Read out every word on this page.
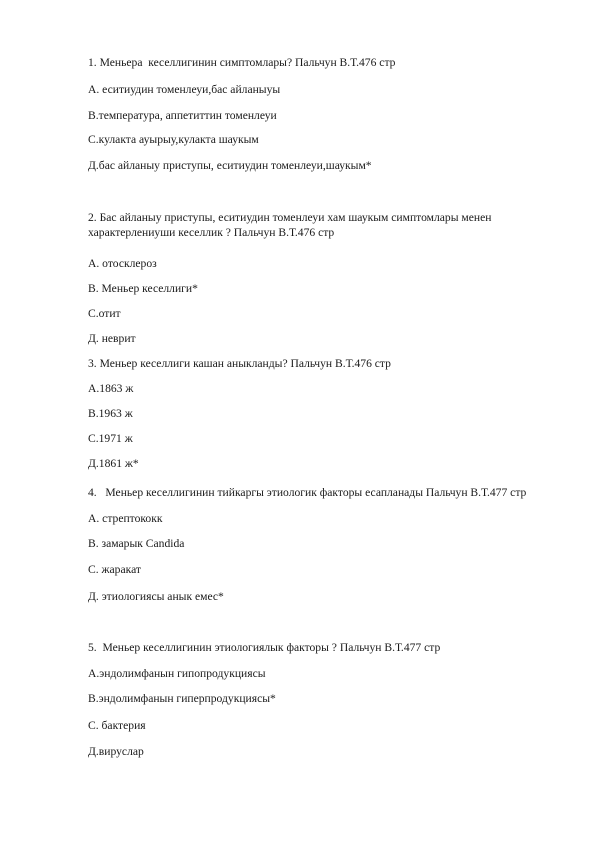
1. Меньера  кеселлигинин симптомлары? Пальчун В.Т.476 стр
А. еситиудин томенлеуи,бас айланыуы
В.температура, аппетиттин томенлеуи
С.кулакта ауырыу,кулакта шаукым
Д.бас айланыу приступы, еситиудин томенлеуи,шаукым*
2. Бас айланыу приступы, еситиудин томенлеуи хам шаукым симптомлары менен характерлениуши кеселлик ? Пальчун В.Т.476 стр
А. отосклероз
В. Меньер кеселлиги*
С.отит
Д. неврит
3. Меньер кеселлиги кашан аныкланды? Пальчун В.Т.476 стр
А.1863 ж
В.1963 ж
С.1971 ж
Д.1861 ж*
4.   Меньер кеселлигинин тийкаргы этиологик факторы есапланады Пальчун В.Т.477 стр
А. стрептококк
В. замарык Candida
С. жаракат
Д. этиологиясы анык емес*
5.  Меньер кеселлигинин этиологиялык факторы ? Пальчун В.Т.477 стр
А.эндолимфанын гипопродукциясы
В.эндолимфанын гиперпродукциясы*
С. бактерия
Д.вируслар
